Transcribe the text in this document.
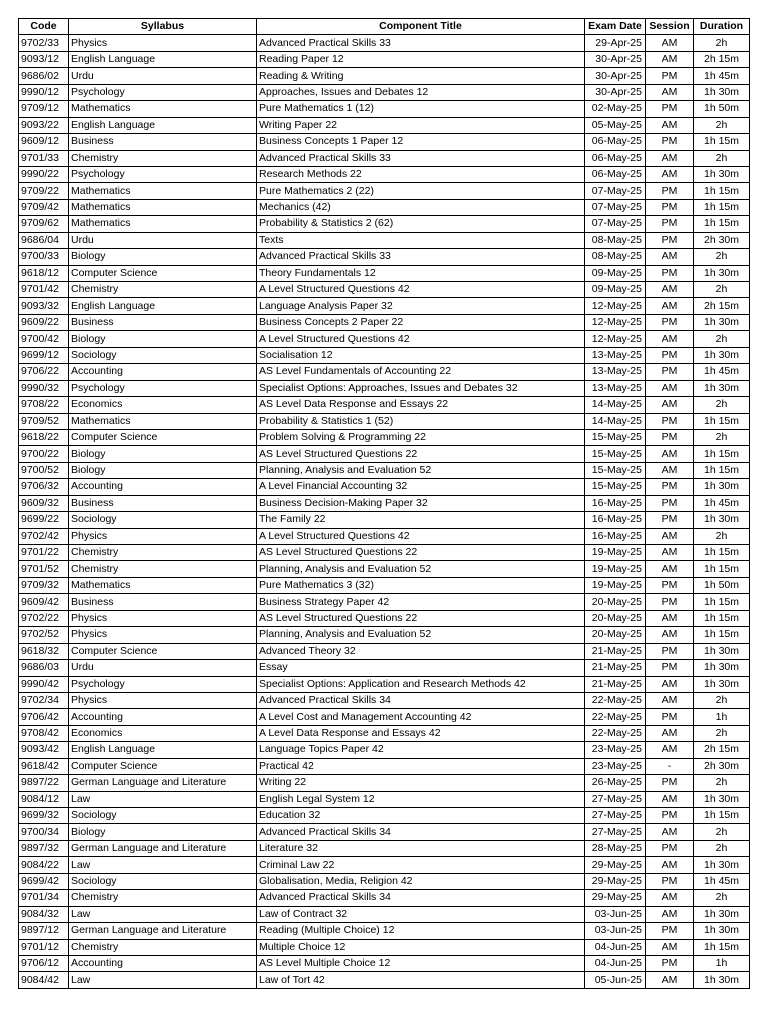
Code	Syllabus	Component Title	Exam Date	Session	Duration
9702/33	Physics	Advanced Practical Skills 33	29-Apr-25	AM	2h
9093/12	English Language	Reading Paper 12	30-Apr-25	AM	2h 15m
9686/02	Urdu	Reading & Writing	30-Apr-25	PM	1h 45m
9990/12	Psychology	Approaches, Issues and Debates 12	30-Apr-25	AM	1h 30m
9709/12	Mathematics	Pure Mathematics 1 (12)	02-May-25	PM	1h 50m
9093/22	English Language	Writing Paper 22	05-May-25	AM	2h
9609/12	Business	Business Concepts 1 Paper 12	06-May-25	PM	1h 15m
9701/33	Chemistry	Advanced Practical Skills 33	06-May-25	AM	2h
9990/22	Psychology	Research Methods 22	06-May-25	AM	1h 30m
9709/22	Mathematics	Pure Mathematics 2 (22)	07-May-25	PM	1h 15m
9709/42	Mathematics	Mechanics (42)	07-May-25	PM	1h 15m
9709/62	Mathematics	Probability & Statistics 2 (62)	07-May-25	PM	1h 15m
9686/04	Urdu	Texts	08-May-25	PM	2h 30m
9700/33	Biology	Advanced Practical Skills 33	08-May-25	AM	2h
9618/12	Computer Science	Theory Fundamentals 12	09-May-25	PM	1h 30m
9701/42	Chemistry	A Level Structured Questions 42	09-May-25	AM	2h
9093/32	English Language	Language Analysis Paper 32	12-May-25	AM	2h 15m
9609/22	Business	Business Concepts 2 Paper 22	12-May-25	PM	1h 30m
9700/42	Biology	A Level Structured Questions 42	12-May-25	AM	2h
9699/12	Sociology	Socialisation 12	13-May-25	PM	1h 30m
9706/22	Accounting	AS Level Fundamentals of Accounting 22	13-May-25	PM	1h 45m
9990/32	Psychology	Specialist Options: Approaches, Issues and Debates 32	13-May-25	AM	1h 30m
9708/22	Economics	AS Level Data Response and Essays 22	14-May-25	AM	2h
9709/52	Mathematics	Probability & Statistics 1 (52)	14-May-25	PM	1h 15m
9618/22	Computer Science	Problem Solving & Programming 22	15-May-25	PM	2h
9700/22	Biology	AS Level Structured Questions 22	15-May-25	AM	1h 15m
9700/52	Biology	Planning, Analysis and Evaluation 52	15-May-25	AM	1h 15m
9706/32	Accounting	A Level Financial Accounting 32	15-May-25	PM	1h 30m
9609/32	Business	Business Decision-Making Paper 32	16-May-25	PM	1h 45m
9699/22	Sociology	The Family 22	16-May-25	PM	1h 30m
9702/42	Physics	A Level Structured Questions 42	16-May-25	AM	2h
9701/22	Chemistry	AS Level Structured Questions 22	19-May-25	AM	1h 15m
9701/52	Chemistry	Planning, Analysis and Evaluation 52	19-May-25	AM	1h 15m
9709/32	Mathematics	Pure Mathematics 3 (32)	19-May-25	PM	1h 50m
9609/42	Business	Business Strategy Paper 42	20-May-25	PM	1h 15m
9702/22	Physics	AS Level Structured Questions 22	20-May-25	AM	1h 15m
9702/52	Physics	Planning, Analysis and Evaluation 52	20-May-25	AM	1h 15m
9618/32	Computer Science	Advanced Theory 32	21-May-25	PM	1h 30m
9686/03	Urdu	Essay	21-May-25	PM	1h 30m
9990/42	Psychology	Specialist Options: Application and Research Methods 42	21-May-25	AM	1h 30m
9702/34	Physics	Advanced Practical Skills 34	22-May-25	AM	2h
9706/42	Accounting	A Level Cost and Management Accounting 42	22-May-25	PM	1h
9708/42	Economics	A Level Data Response and Essays 42	22-May-25	AM	2h
9093/42	English Language	Language Topics Paper 42	23-May-25	AM	2h 15m
9618/42	Computer Science	Practical 42	23-May-25	-	2h 30m
9897/22	German Language and Literature	Writing 22	26-May-25	PM	2h
9084/12	Law	English Legal System 12	27-May-25	AM	1h 30m
9699/32	Sociology	Education 32	27-May-25	PM	1h 15m
9700/34	Biology	Advanced Practical Skills 34	27-May-25	AM	2h
9897/32	German Language and Literature	Literature 32	28-May-25	PM	2h
9084/22	Law	Criminal Law 22	29-May-25	AM	1h 30m
9699/42	Sociology	Globalisation, Media, Religion 42	29-May-25	PM	1h 45m
9701/34	Chemistry	Advanced Practical Skills 34	29-May-25	AM	2h
9084/32	Law	Law of Contract 32	03-Jun-25	AM	1h 30m
9897/12	German Language and Literature	Reading (Multiple Choice) 12	03-Jun-25	PM	1h 30m
9701/12	Chemistry	Multiple Choice 12	04-Jun-25	AM	1h 15m
9706/12	Accounting	AS Level Multiple Choice 12	04-Jun-25	PM	1h
9084/42	Law	Law of Tort 42	05-Jun-25	AM	1h 30m
